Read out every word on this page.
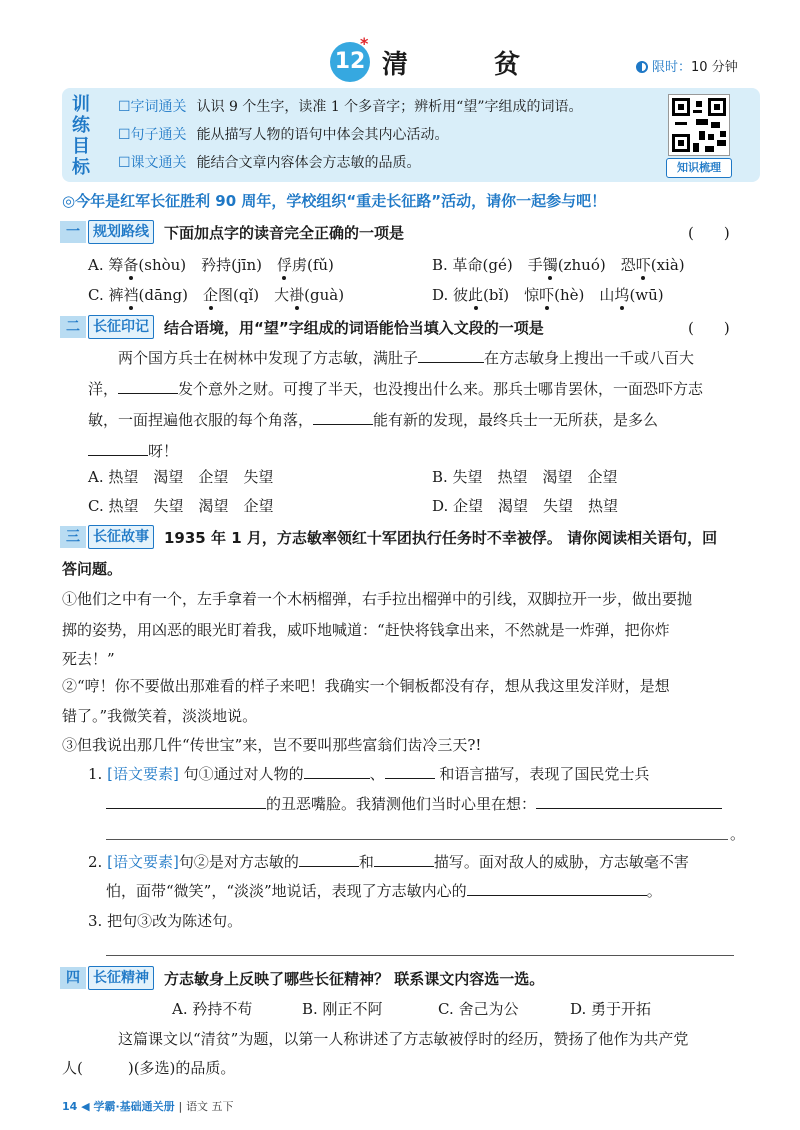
12
*
清　贫	限时：10 分钟
训练目标
☐字词通关 认识 9 个生字，读准 1 个多音字；辨析用“望”字组成的词语。
☐句子通关 能从描写人物的语句中体会其内心活动。
☐课文通关 能结合文章内容体会方志敏的品质。	知识梳理
◎今年是红军长征胜利 90 周年，学校组织“重走长征路”活动，请你一起参与吧！
一 规划路线	下面加点字的读音完全正确的一项是	(　　)
A. 筹备(shòu)　矜持(jīn)　俘虏(fǔ)	B. 革命(gé)　手镯(zhuó)　恐吓(xià)
C. 裤裆(dāng)　企图(qǐ)　大褂(guà)	D. 彼此(bǐ)　惊吓(hè)　山坞(wū)
二 长征印记	结合语境，用“望”字组成的词语能恰当填入文段的一项是	(　　)
两个国方兵士在树林中发现了方志敏，满肚子	在方志敏身上搜出一千或八百大
洋，	发个意外之财。可搜了半天，也没搜出什么来。那兵士哪肯罢休，一面恐吓方志
敏，一面捏遍他衣服的每个角落，	能有新的发现，最终兵士一无所获，是多么
呀！
A. 热望　渴望　企望　失望	B. 失望　热望　渴望　企望
C. 热望　失望　渴望　企望	D. 企望　渴望　失望　热望
三 长征故事	1935 年 1 月，方志敏率领红十军团执行任务时不幸被俘。 请你阅读相关语句，回
答问题。
①他们之中有一个，左手拿着一个木柄榴弹，右手拉出榴弹中的引线，双脚拉开一步，做出要抛
掷的姿势，用凶恶的眼光盯着我，威吓地喊道：“赶快将钱拿出来，不然就是一炸弹，把你炸
死去！”
②“哼！你不要做出那难看的样子来吧！我确实一个铜板都没有存，想从我这里发洋财，是想
错了。”我微笑着，淡淡地说。
③但我说出那几件“传世宝”来，岂不要叫那些富翁们齿冷三天?!
1. [语文要素] 句①通过对人物的	、	和语言描写，表现了国民党士兵
的丑恶嘴脸。我猜测他们当时心里在想：
。
2. [语文要素]句②是对方志敏的	和	描写。面对敌人的威胁，方志敏毫不害
怕，面带“微笑”，“淡淡”地说话，表现了方志敏内心的	。
3. 把句③改为陈述句。
四 长征精神	方志敏身上反映了哪些长征精神？ 联系课文内容选一选。
A. 矜持不苟	B. 刚正不阿	C. 舍己为公	D. 勇于开拓
这篇课文以“清贫”为题，以第一人称讲述了方志敏被俘时的经历，赞扬了他作为共产党
人(　　　)(多选)的品质。
14 ◀ 学霸·基础通关册 | 语文 五下
